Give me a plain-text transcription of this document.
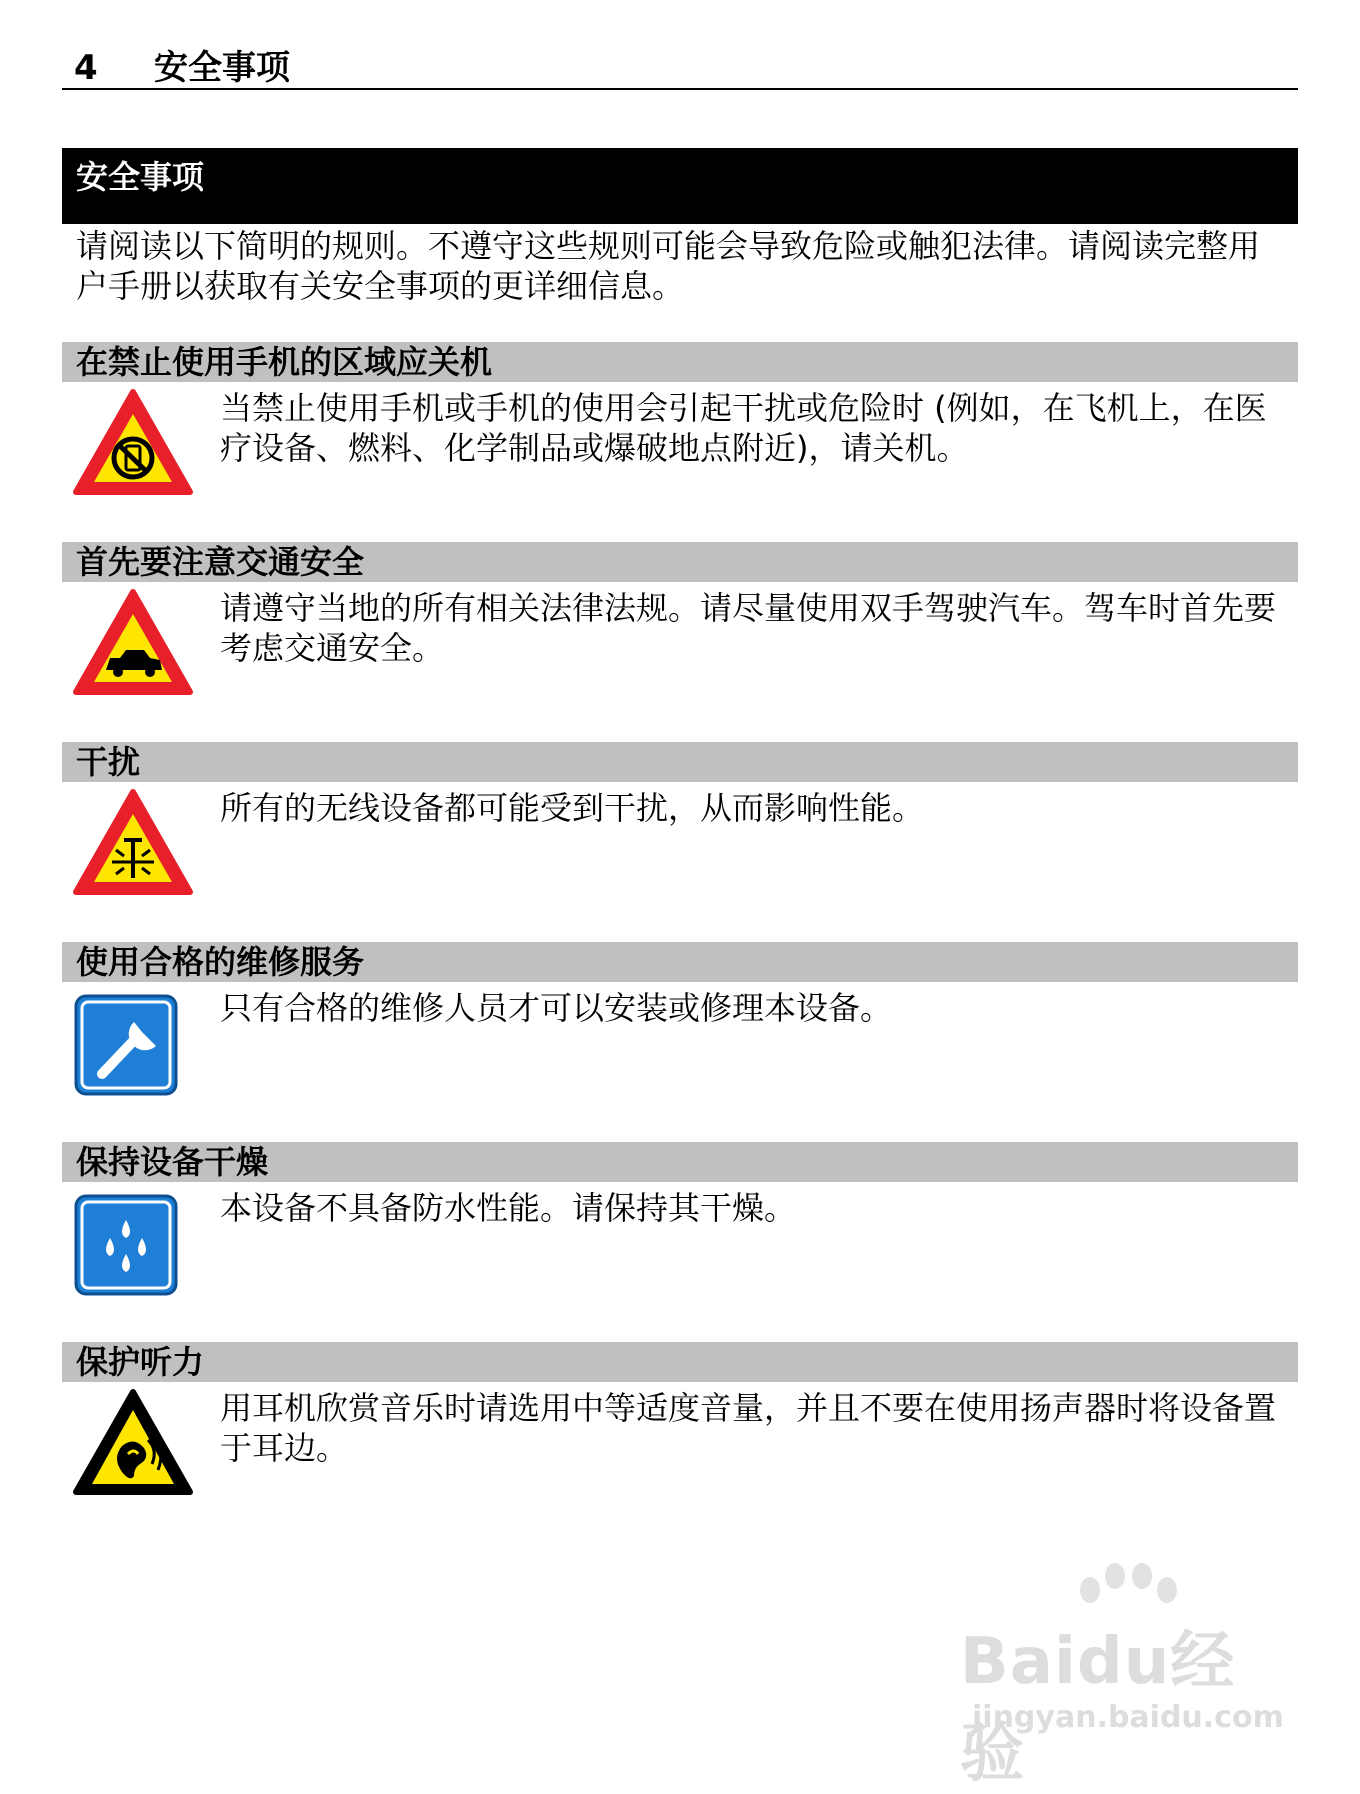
4 安全事项
安全事项

请阅读以下简明的规则。不遵守这些规则可能会导致危险或触犯法律。请阅读完整用户手册以获取有关安全事项的更详细信息。

在禁止使用手机的区域应关机

当禁止使用手机或手机的使用会引起干扰或危险时 (例如，在飞机上，在医疗设备、燃料、化学制品或爆破地点附近)，请关机。

首先要注意交通安全

请遵守当地的所有相关法律法规。请尽量使用双手驾驶汽车。驾车时首先要考虑交通安全。

干扰

所有的无线设备都可能受到干扰，从而影响性能。

使用合格的维修服务

只有合格的维修人员才可以安装或修理本设备。

保持设备干燥

本设备不具备防水性能。请保持其干燥。

保护听力

用耳机欣赏音乐时请选用中等适度音量，并且不要在使用扬声器时将设备置于耳边。

Baidu经验
jingyan.baidu.com
